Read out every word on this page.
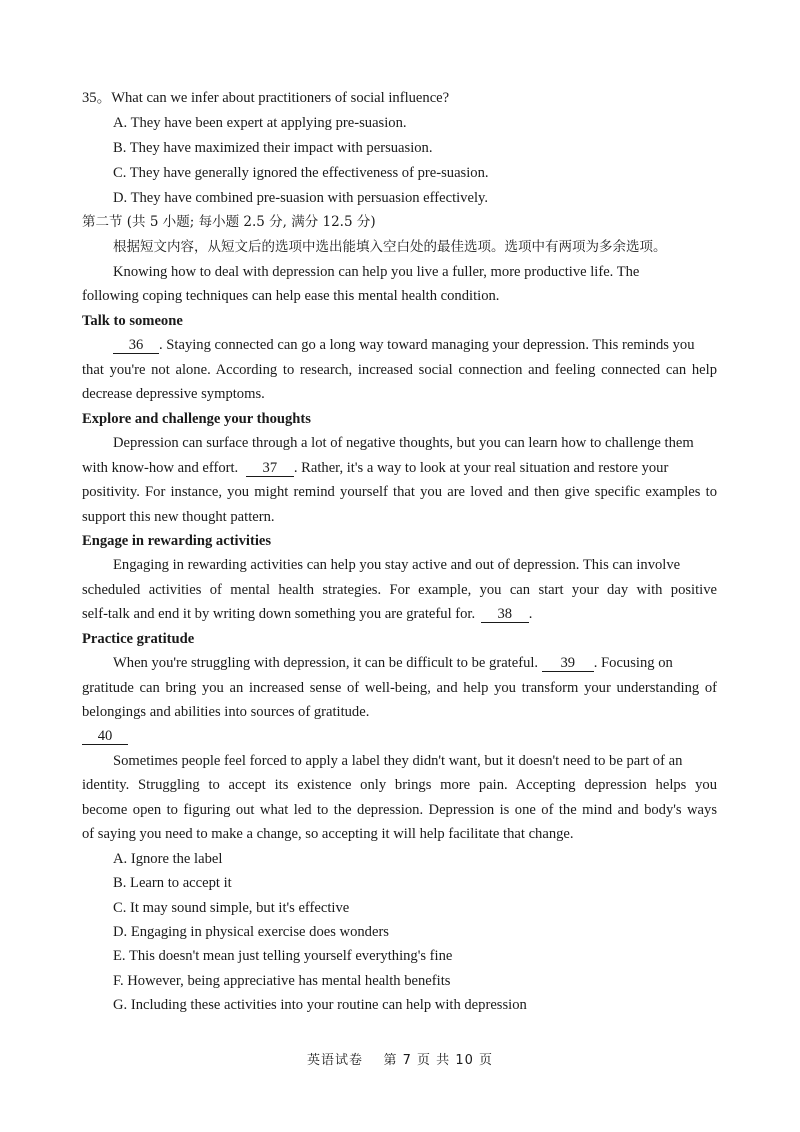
35。What can we infer about practitioners of social influence?
A. They have been expert at applying pre-suasion.
B. They have maximized their impact with persuasion.
C. They have generally ignored the effectiveness of pre-suasion.
D. They have combined pre-suasion with persuasion effectively.
第二节 (共 5 小题; 每小题 2.5 分, 满分 12.5 分)
根据短文内容，从短文后的选项中选出能填入空白处的最佳选项。选项中有两项为多余选项。
Knowing how to deal with depression can help you live a fuller, more productive life. The
following coping techniques can help ease this mental health condition.
Talk to someone
36 . Staying connected can go a long way toward managing your depression. This reminds you
that you're not alone. According to research, increased social connection and feeling connected can help
decrease depressive symptoms.
Explore and challenge your thoughts
Depression can surface through a lot of negative thoughts, but you can learn how to challenge them
with know-how and effort. 37 . Rather, it's a way to look at your real situation and restore your
positivity. For instance, you might remind yourself that you are loved and then give specific examples to
support this new thought pattern.
Engage in rewarding activities
Engaging in rewarding activities can help you stay active and out of depression. This can involve
scheduled activities of mental health strategies. For example, you can start your day with positive
self-talk and end it by writing down something you are grateful for. 38 .
Practice gratitude
When you're struggling with depression, it can be difficult to be grateful. 39 . Focusing on
gratitude can bring you an increased sense of well-being, and help you transform your understanding of
belongings and abilities into sources of gratitude.
40
Sometimes people feel forced to apply a label they didn't want, but it doesn't need to be part of an
identity. Struggling to accept its existence only brings more pain. Accepting depression helps you
become open to figuring out what led to the depression. Depression is one of the mind and body's ways
of saying you need to make a change, so accepting it will help facilitate that change.
A. Ignore the label
B. Learn to accept it
C. It may sound simple, but it's effective
D. Engaging in physical exercise does wonders
E. This doesn't mean just telling yourself everything's fine
F. However, being appreciative has mental health benefits
G. Including these activities into your routine can help with depression
英语试卷    第 7 页 共 10 页
